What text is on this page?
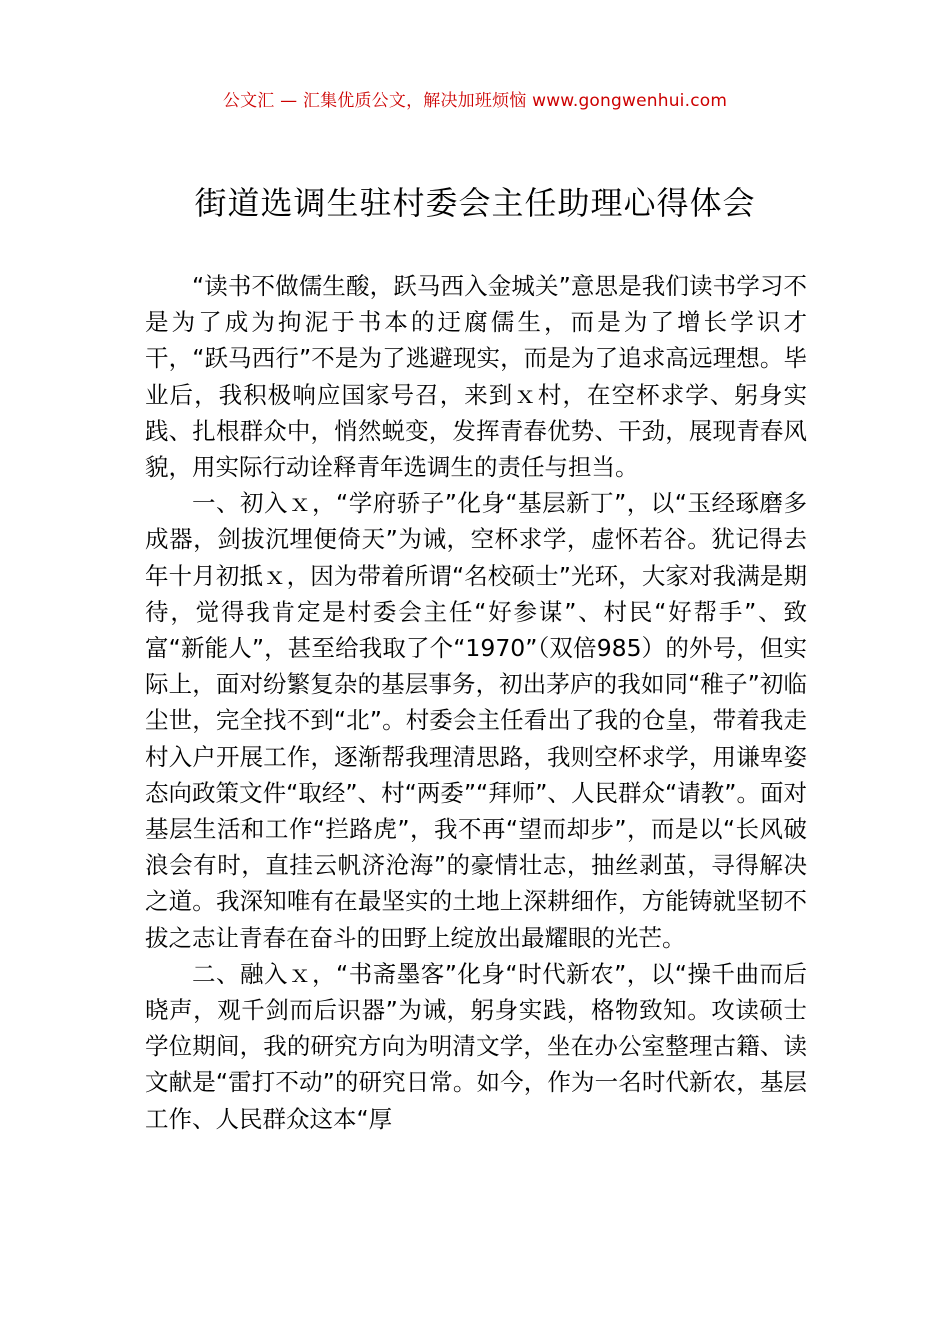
公文汇 — 汇集优质公文，解决加班烦恼 www.gongwenhui.com
街道选调生驻村委会主任助理心得体会

“读书不做儒生酸，跃马西入金城关”意思是我们读书学习不是为了成为拘泥于书本的迂腐儒生，而是为了增长学识才干，“跃马西行”不是为了逃避现实，而是为了追求高远理想。毕业后，我积极响应国家号召，来到ｘ村，在空杯求学、躬身实践、扎根群众中，悄然蜕变，发挥青春优势、干劲，展现青春风貌，用实际行动诠释青年选调生的责任与担当。

一、初入ｘ，“学府骄子”化身“基层新丁”，以“玉经琢磨多成器，剑拔沉埋便倚天”为诫，空杯求学，虚怀若谷。犹记得去年十月初抵ｘ，因为带着所谓“名校硕士”光环，大家对我满是期待，觉得我肯定是村委会主任“好参谋”、村民“好帮手”、致富“新能人”，甚至给我取了个“1970”（双倍985）的外号，但实际上，面对纷繁复杂的基层事务，初出茅庐的我如同“稚子”初临尘世，完全找不到“北”。村委会主任看出了我的仓皇，带着我走村入户开展工作，逐渐帮我理清思路，我则空杯求学，用谦卑姿态向政策文件“取经”、村“两委”“拜师”、人民群众“请教”。面对基层生活和工作“拦路虎”，我不再“望而却步”，而是以“长风破浪会有时，直挂云帆济沧海”的豪情壮志，抽丝剥茧，寻得解决之道。我深知唯有在最坚实的土地上深耕细作，方能铸就坚韧不拔之志让青春在奋斗的田野上绽放出最耀眼的光芒。

二、融入ｘ，“书斋墨客”化身“时代新农”，以“操千曲而后晓声，观千剑而后识器”为诫，躬身实践，格物致知。攻读硕士学位期间，我的研究方向为明清文学，坐在办公室整理古籍、读文献是“雷打不动”的研究日常。如今，作为一名时代新农，基层工作、人民群众这本“厚
